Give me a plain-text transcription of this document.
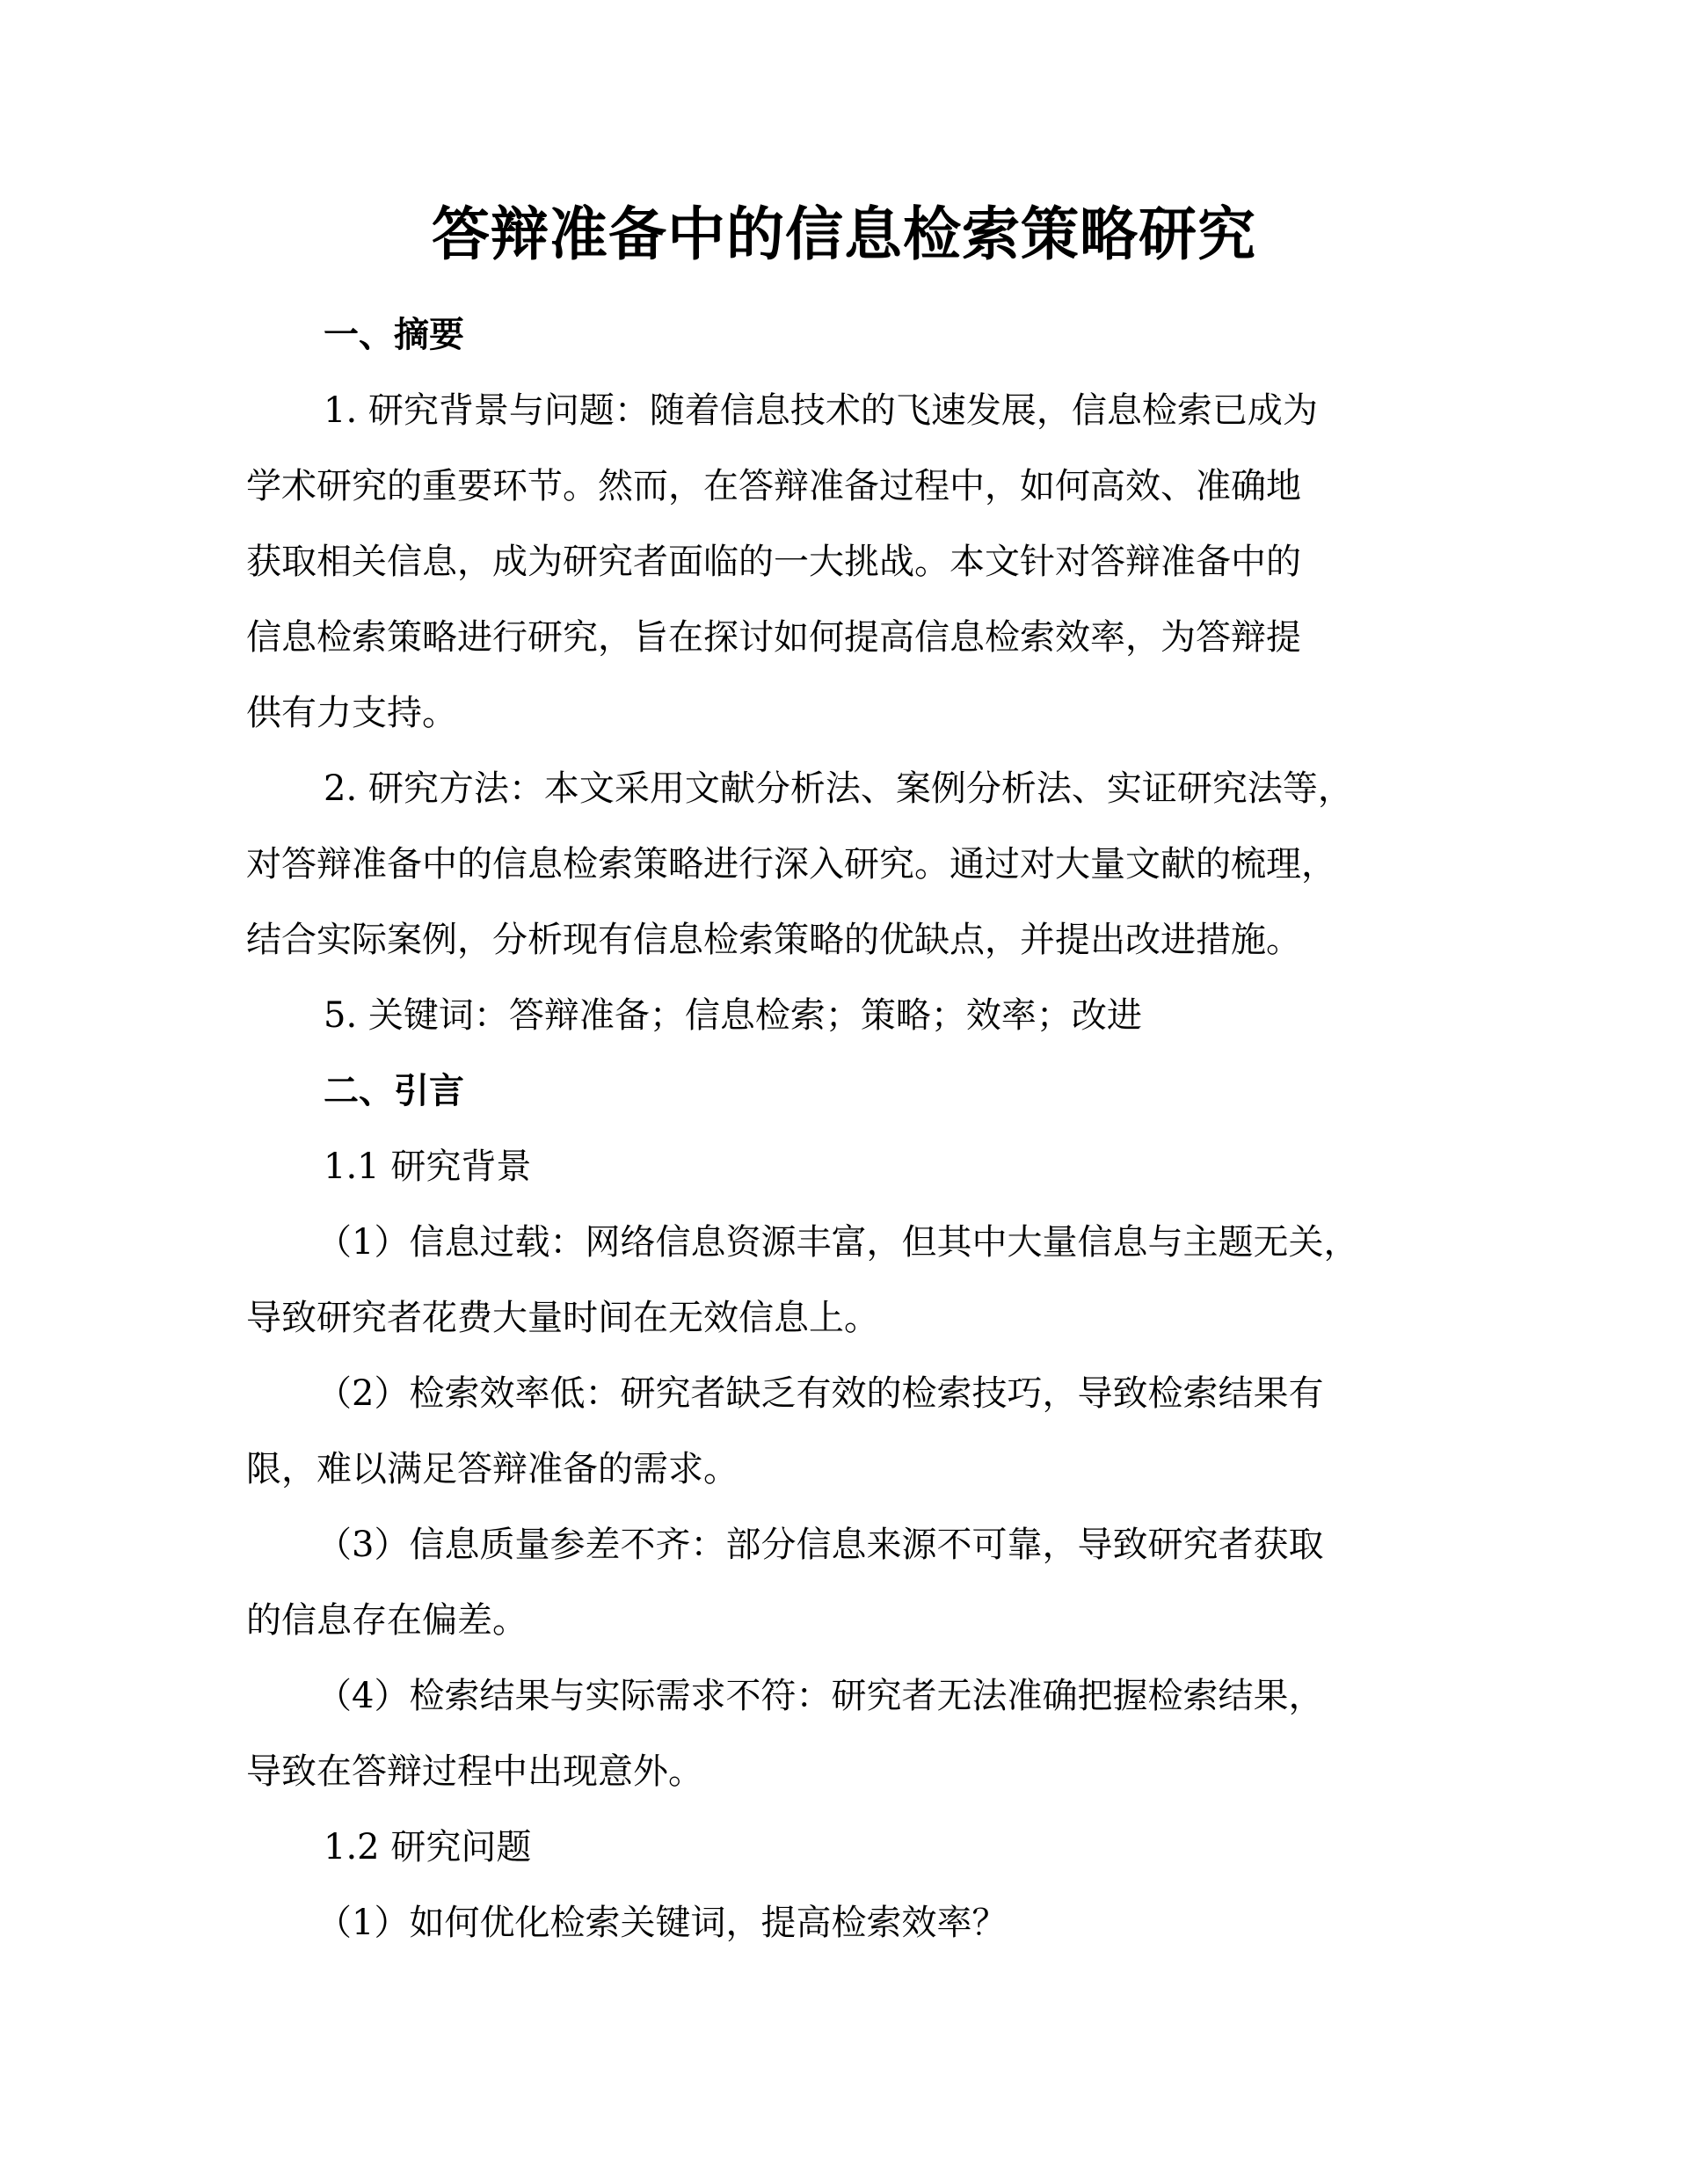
答辩准备中的信息检索策略研究
一、摘要
1. 研究背景与问题：随着信息技术的飞速发展，信息检索已成为
学术研究的重要环节。然而，在答辩准备过程中，如何高效、准确地
获取相关信息，成为研究者面临的一大挑战。本文针对答辩准备中的
信息检索策略进行研究，旨在探讨如何提高信息检索效率，为答辩提
供有力支持。
2. 研究方法：本文采用文献分析法、案例分析法、实证研究法等，
对答辩准备中的信息检索策略进行深入研究。通过对大量文献的梳理，
结合实际案例，分析现有信息检索策略的优缺点，并提出改进措施。
5. 关键词：答辩准备；信息检索；策略；效率；改进
二、引言
1.1 研究背景
（1）信息过载：网络信息资源丰富，但其中大量信息与主题无关，
导致研究者花费大量时间在无效信息上。
（2）检索效率低：研究者缺乏有效的检索技巧，导致检索结果有
限，难以满足答辩准备的需求。
（3）信息质量参差不齐：部分信息来源不可靠，导致研究者获取
的信息存在偏差。
（4）检索结果与实际需求不符：研究者无法准确把握检索结果，
导致在答辩过程中出现意外。
1.2 研究问题
（1）如何优化检索关键词，提高检索效率？
